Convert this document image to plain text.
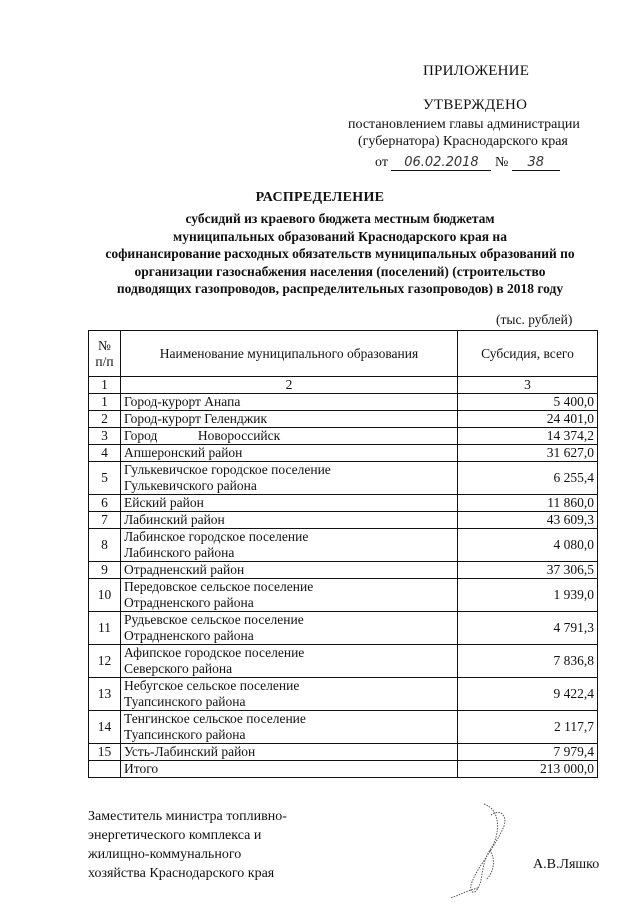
ПРИЛОЖЕНИЕ
УТВЕРЖДЕНО
постановлением главы администрации
(губернатора) Краснодарского края
от 06.02.2018 № 38
РАСПРЕДЕЛЕНИЕ
субсидий из краевого бюджета местным бюджетам
муниципальных образований Краснодарского края на
софинансирование расходных обязательств муниципальных образований по
организации газоснабжения населения (поселений) (строительство
подводящих газопроводов, распределительных газопроводов) в 2018 году
(тыс. рублей)
№
п/п	Наименование муниципального образования	Субсидия, всего
1	2	3
1	Город-курорт Анапа	5 400,0
2	Город-курорт Геленджик	24 401,0
3	Город            Новороссийск	14 374,2
4	Апшеронский район	31 627,0
5	Гулькевичское городское поселение
Гулькевичского района	6 255,4
6	Ейский район	11 860,0
7	Лабинский район	43 609,3
8	Лабинское городское поселение
Лабинского района	4 080,0
9	Отрадненский район	37 306,5
10	Передовское сельское поселение
Отрадненского района	1 939,0
11	Рудьевское сельское поселение
Отрадненского района	4 791,3
12	Афипское городское поселение
Северского района	7 836,8
13	Небугское сельское поселение
Туапсинского района	9 422,4
14	Тенгинское сельское поселение
Туапсинского района	2 117,7
15	Усть-Лабинский район	7 979,4
	Итого	213 000,0
Заместитель министра топливно-
энергетического комплекса и
жилищно-коммунального
хозяйства Краснодарского края
А.В.Ляшко
